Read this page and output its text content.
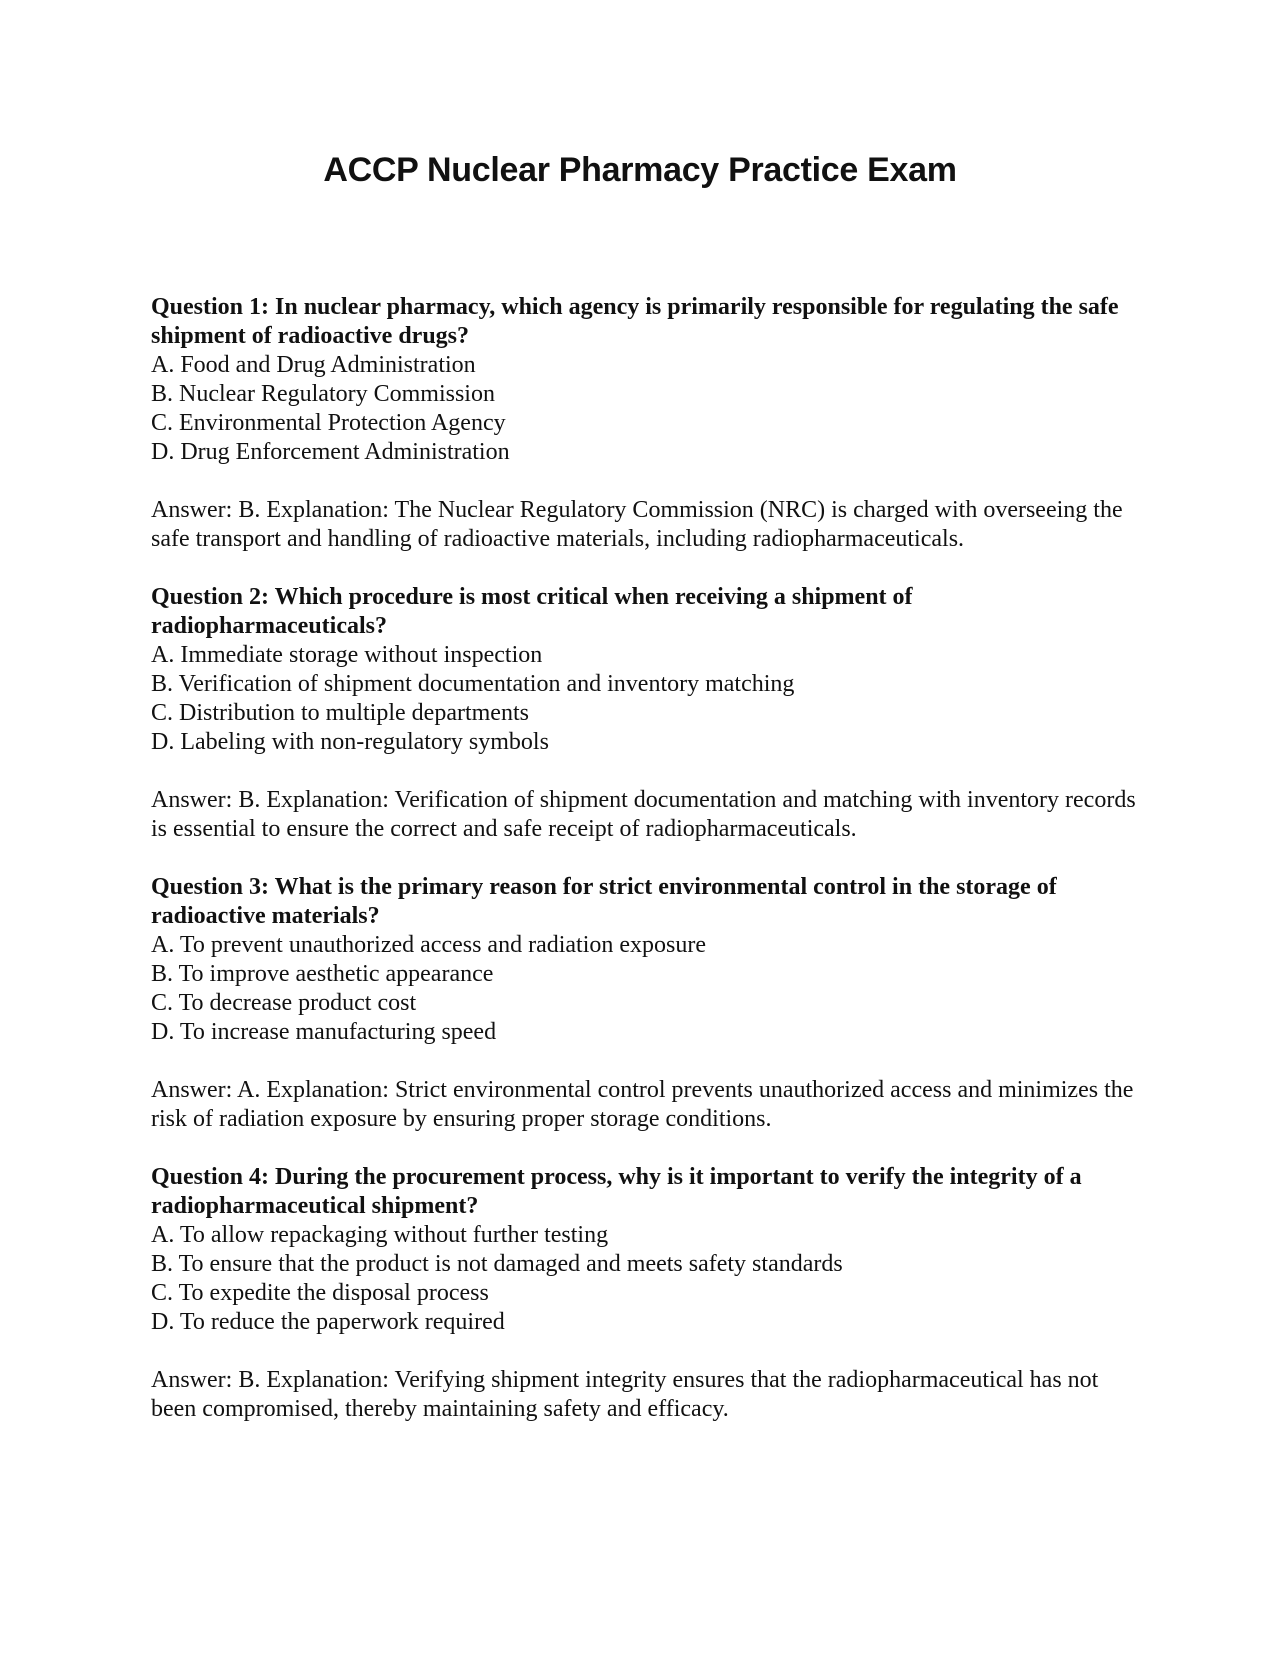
ACCP Nuclear Pharmacy Practice Exam

Question 1: In nuclear pharmacy, which agency is primarily responsible for regulating the safe shipment of radioactive drugs?

A. Food and Drug Administration
B. Nuclear Regulatory Commission
C. Environmental Protection Agency
D. Drug Enforcement Administration

Answer: B. Explanation: The Nuclear Regulatory Commission (NRC) is charged with overseeing the safe transport and handling of radioactive materials, including radiopharmaceuticals.

Question 2: Which procedure is most critical when receiving a shipment of radiopharmaceuticals?

A. Immediate storage without inspection
B. Verification of shipment documentation and inventory matching
C. Distribution to multiple departments
D. Labeling with non-regulatory symbols

Answer: B. Explanation: Verification of shipment documentation and matching with inventory records is essential to ensure the correct and safe receipt of radiopharmaceuticals.

Question 3: What is the primary reason for strict environmental control in the storage of radioactive materials?

A. To prevent unauthorized access and radiation exposure
B. To improve aesthetic appearance
C. To decrease product cost
D. To increase manufacturing speed

Answer: A. Explanation: Strict environmental control prevents unauthorized access and minimizes the risk of radiation exposure by ensuring proper storage conditions.

Question 4: During the procurement process, why is it important to verify the integrity of a radiopharmaceutical shipment?

A. To allow repackaging without further testing
B. To ensure that the product is not damaged and meets safety standards
C. To expedite the disposal process
D. To reduce the paperwork required

Answer: B. Explanation: Verifying shipment integrity ensures that the radiopharmaceutical has not been compromised, thereby maintaining safety and efficacy.
